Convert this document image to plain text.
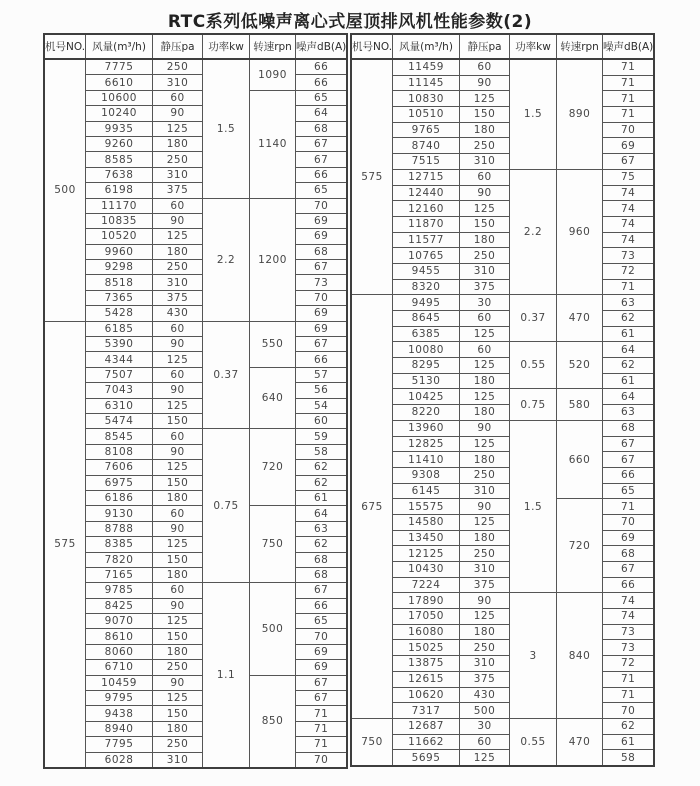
RTC系列低噪声离心式屋顶排风机性能参数(2)
机号NO.	风量(m³/h)	静压pa	功率kw	转速rpn	噪声dB(A)
500	7775	250	1.5	1090	66
	6610	310			66
	10600	60		1140	65
	10240	90			64
	9935	125			68
	9260	180			67
	8585	250			67
	7638	310			66
	6198	375			65
	11170	60	2.2	1200	70
	10835	90			69
	10520	125			69
	9960	180			68
	9298	250			67
	8518	310			73
	7365	375			70
	5428	430			69
575	6185	60	0.37	550	69
	5390	90			67
	4344	125			66
	7507	60		640	57
	7043	90			56
	6310	125			54
	5474	150			60
	8545	60	0.75	720	59
	8108	90			58
	7606	125			62
	6975	150			62
	6186	180			61
	9130	60		750	64
	8788	90			63
	8385	125			62
	7820	150			68
	7165	180			68
	9785	60	1.1	500	67
	8425	90			66
	9070	125			65
	8610	150			70
	8060	180			69
	6710	250			69
	10459	90		850	67
	9795	125			67
	9438	150			71
	8940	180			71
	7795	250			71
	6028	310			70
机号NO.	风量(m³/h)	静压pa	功率kw	转速rpn	噪声dB(A)
575	11459	60	1.5	890	71
	11145	90			71
	10830	125			71
	10510	150			71
	9765	180			70
	8740	250			69
	7515	310			67
	12715	60	2.2	960	75
	12440	90			74
	12160	125			74
	11870	150			74
	11577	180			74
	10765	250			73
	9455	310			72
	8320	375			71
675	9495	30	0.37	470	63
	8645	60			62
	6385	125			61
	10080	60	0.55	520	64
	8295	125			62
	5130	180			61
	10425	125	0.75	580	64
	8220	180			63
	13960	90	1.5	660	68
	12825	125			67
	11410	180			67
	9308	250			66
	6145	310			65
	15575	90		720	71
	14580	125			70
	13450	180			69
	12125	250			68
	10430	310			67
	7224	375			66
	17890	90	3	840	74
	17050	125			74
	16080	180			73
	15025	250			73
	13875	310			72
	12615	375			71
	10620	430			71
	7317	500			70
750	12687	30	0.55	470	62
	11662	60			61
	5695	125			58
